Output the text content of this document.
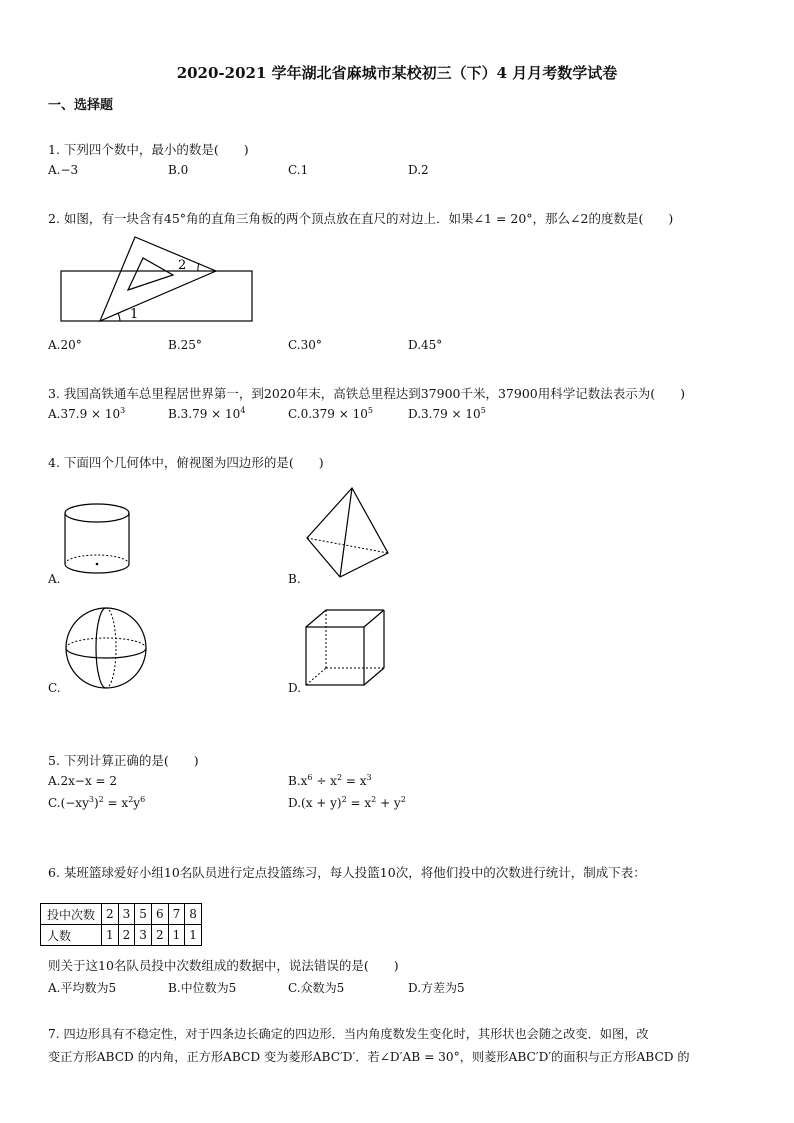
2020-2021 学年湖北省麻城市某校初三（下）4 月月考数学试卷
一、选择题
1. 下列四个数中，最小的数是(　　)
A.−3	B.0	C.1	D.2
2. 如图，有一块含有45°角的直角三角板的两个顶点放在直尺的对边上．如果∠1 = 20°，那么∠2的度数是(　　)
2
1
A.20°	B.25°	C.30°	D.45°
3. 我国高铁通车总里程居世界第一，到2020年末，高铁总里程达到37900千米，37900用科学记数法表示为(　　)
$A.37.9 \times 10^3$	$B.3.79 \times 10^4$	$C.0.379 \times 10^5$	$D.3.79 \times 10^5$
4. 下面四个几何体中，俯视图为四边形的是(　　)
A.	B.
C.	D.
5. 下列计算正确的是(　　)
A.2x−x = 2	$B.x^6 \div x^2 = x^3$
$C.(-xy^3)^2 = x^2y^6$	$D.(x + y)^2 = x^2 + y^2$
6. 某班篮球爱好小组10名队员进行定点投篮练习，每人投篮10次，将他们投中的次数进行统计，制成下表：
投中次数	2	3	5	6	7	8
人数	1	2	3	2	1	1
则关于这10名队员投中次数组成的数据中，说法错误的是(　　)
A.平均数为5	B.中位数为5	C.众数为5	D.方差为5
7. 四边形具有不稳定性，对于四条边长确定的四边形．当内角度数发生变化时，其形状也会随之改变．如图，改
变正方形ABCD 的内角，正方形ABCD 变为菱形ABC′D′．若∠D′AB = 30°，则菱形ABC′D′的面积与正方形ABCD 的
